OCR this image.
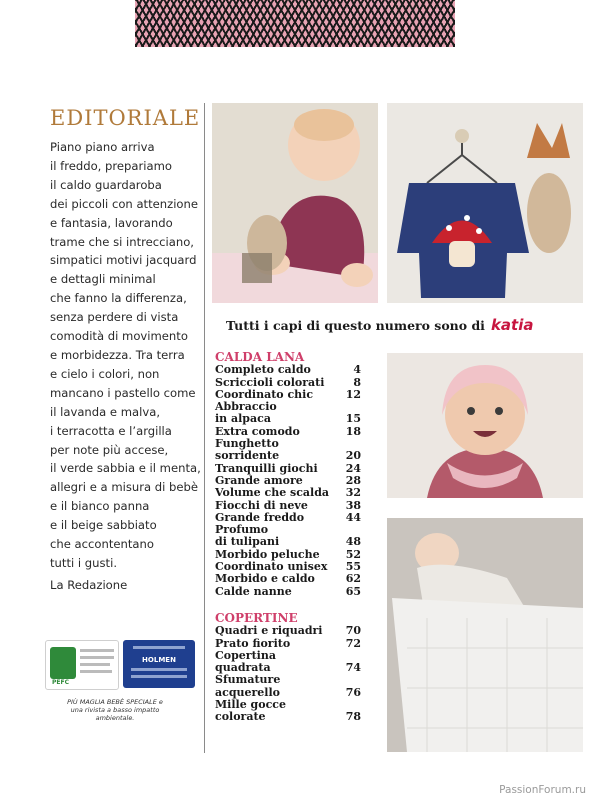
EDITORIALE
Piano piano arriva
il freddo, prepariamo
il caldo guardaroba
dei piccoli con attenzione
e fantasia, lavorando
trame che si intrecciano,
simpatici motivi jacquard
e dettagli minimal
che fanno la differenza,
senza perdere di vista
comodità di movimento
e morbidezza. Tra terra
e cielo i colori, non
mancano i pastello come
il lavanda e malva,
i terracotta e l’argilla
per note più accese,
il verde sabbia e il menta,
allegri e a misura di bebè
e il bianco panna
e il beige sabbiato
che accontentano
tutti i gusti.
La Redazione
Tutti i capi di questo numero sono di katia
CALDA LANA
Completo caldo	4
Scriccioli colorati	8
Coordinato chic	12
Abbraccio
in alpaca	15
Extra comodo	18
Funghetto
sorridente	20
Tranquilli giochi	24
Grande amore	28
Volume che scalda 32
Fiocchi di neve	38
Grande freddo	44
Profumo
di tulipani	48
Morbido peluche 52
Coordinato unisex 55
Morbido e caldo	62
Calde nanne	65
COPERTINE
Quadri e riquadri 70
Prato fiorito	72
Copertina
quadrata	74
Sfumature
acquerello	76
Mille gocce
colorate	78
PEFC
HOLMEN
PIÙ MAGLIA BEBÈ SPECIALE e una rivista a basso impatto ambientale.
PassionForum.ru
